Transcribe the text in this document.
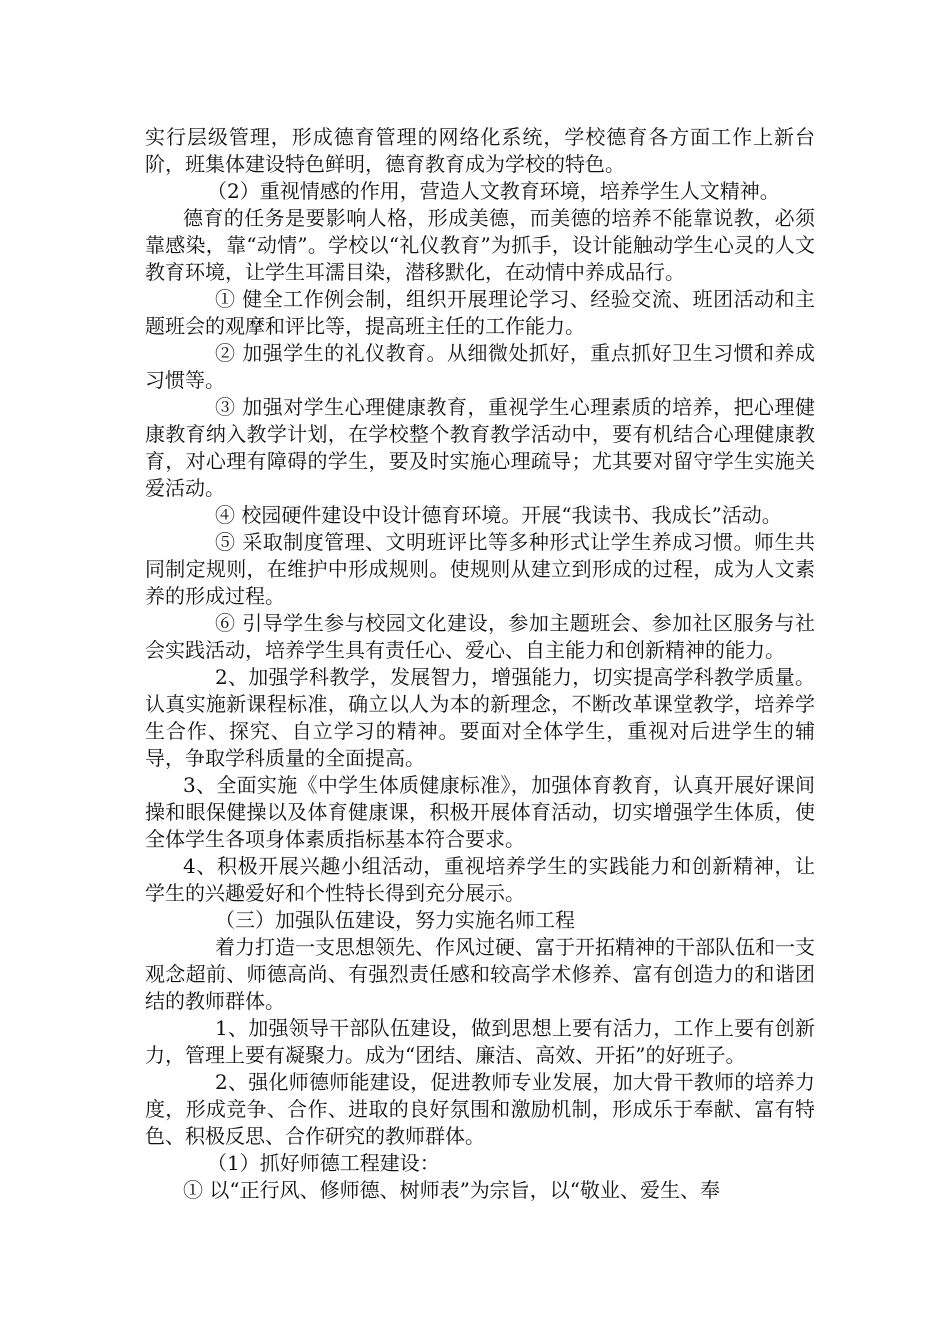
实行层级管理，形成德育管理的网络化系统，学校德育各方面工作上新台阶，班集体建设特色鲜明，德育教育成为学校的特色。

（2）重视情感的作用，营造人文教育环境，培养学生人文精神。

德育的任务是要影响人格，形成美德，而美德的培养不能靠说教，必须靠感染，靠“动情”。学校以“礼仪教育”为抓手，设计能触动学生心灵的人文教育环境，让学生耳濡目染，潜移默化，在动情中养成品行。

① 健全工作例会制，组织开展理论学习、经验交流、班团活动和主题班会的观摩和评比等，提高班主任的工作能力。

② 加强学生的礼仪教育。从细微处抓好，重点抓好卫生习惯和养成习惯等。

③ 加强对学生心理健康教育，重视学生心理素质的培养，把心理健康教育纳入教学计划，在学校整个教育教学活动中，要有机结合心理健康教育，对心理有障碍的学生，要及时实施心理疏导；尤其要对留守学生实施关爱活动。

④ 校园硬件建设中设计德育环境。开展“我读书、我成长”活动。

⑤ 采取制度管理、文明班评比等多种形式让学生养成习惯。师生共同制定规则，在维护中形成规则。使规则从建立到形成的过程，成为人文素养的形成过程。

⑥ 引导学生参与校园文化建设，参加主题班会、参加社区服务与社会实践活动，培养学生具有责任心、爱心、自主能力和创新精神的能力。

2、加强学科教学，发展智力，增强能力，切实提高学科教学质量。认真实施新课程标准，确立以人为本的新理念，不断改革课堂教学，培养学生合作、探究、自立学习的精神。要面对全体学生，重视对后进学生的辅导，争取学科质量的全面提高。

3、全面实施《中学生体质健康标准》，加强体育教育，认真开展好课间操和眼保健操以及体育健康课，积极开展体育活动，切实增强学生体质，使全体学生各项身体素质指标基本符合要求。

4、积极开展兴趣小组活动，重视培养学生的实践能力和创新精神，让学生的兴趣爱好和个性特长得到充分展示。

（三）加强队伍建设，努力实施名师工程

着力打造一支思想领先、作风过硬、富于开拓精神的干部队伍和一支观念超前、师德高尚、有强烈责任感和较高学术修养、富有创造力的和谐团结的教师群体。

1、加强领导干部队伍建设，做到思想上要有活力，工作上要有创新力，管理上要有凝聚力。成为“团结、廉洁、高效、开拓”的好班子。

2、强化师德师能建设，促进教师专业发展，加大骨干教师的培养力度，形成竞争、合作、进取的良好氛围和激励机制，形成乐于奉献、富有特色、积极反思、合作研究的教师群体。

（1）抓好师德工程建设：

① 以“正行风、修师德、树师表”为宗旨，以“敬业、爱生、奉
